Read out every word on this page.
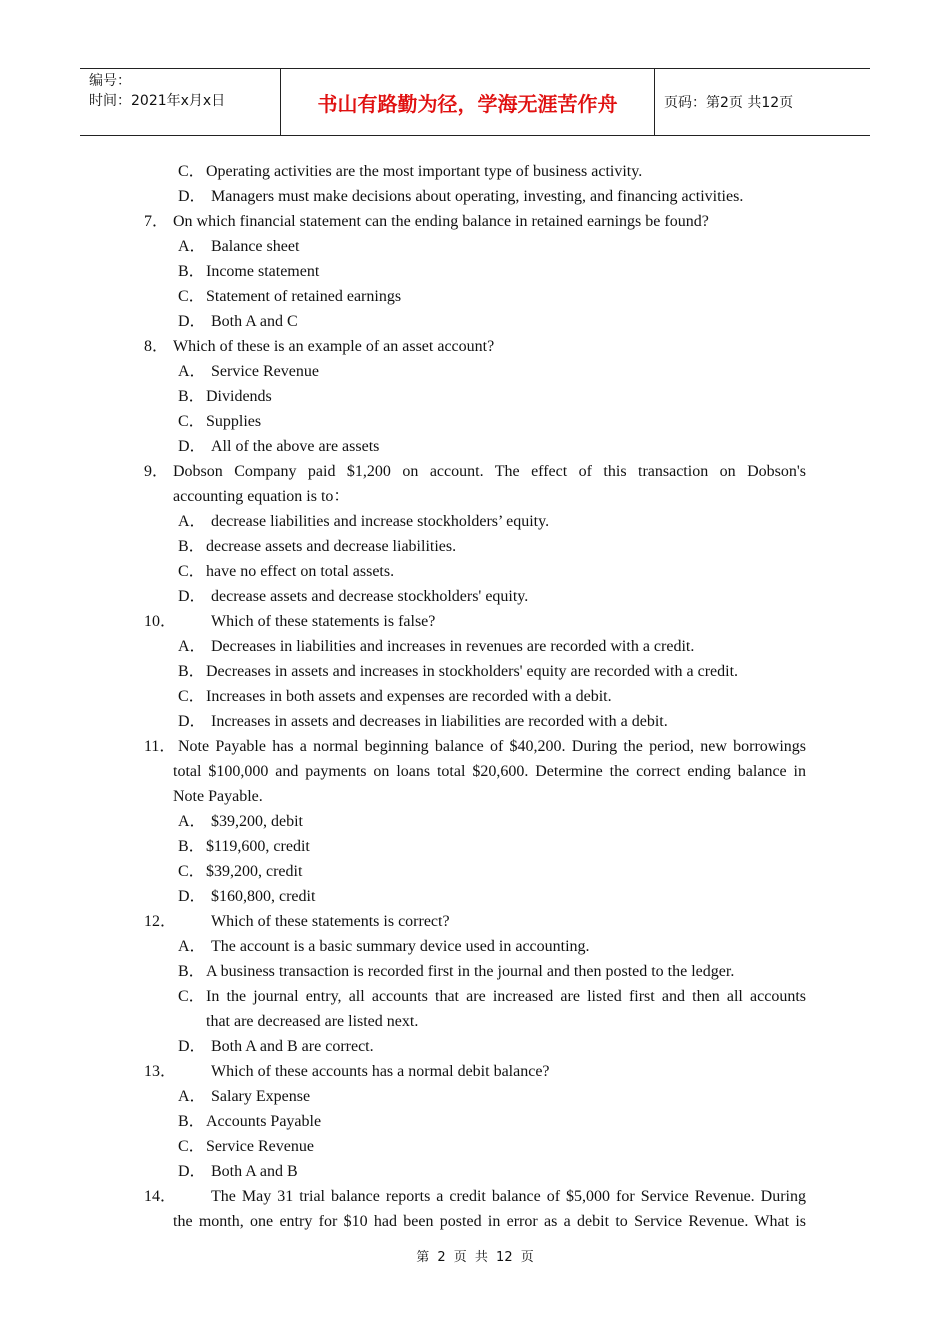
编号：
时间：2021年x月x日	书山有路勤为径，学海无涯苦作舟	页码：第2页 共12页
C． Operating activities are the most important type of business activity.
D． Managers must make decisions about operating, investing, and financing activities.
7． On which financial statement can the ending balance in retained earnings be found?
A． Balance sheet
B． Income statement
C． Statement of retained earnings
D． Both A and C
8． Which of these is an example of an asset account?
A． Service Revenue
B． Dividends
C． Supplies
D． All of the above are assets
9． Dobson Company paid $1,200 on account. The effect of this transaction on Dobson's
accounting equation is to：
A． decrease liabilities and increase stockholders’ equity.
B． decrease assets and decrease liabilities.
C． have no effect on total assets.
D． decrease assets and decrease stockholders' equity.
10． Which of these statements is false?
A． Decreases in liabilities and increases in revenues are recorded with a credit.
B． Decreases in assets and increases in stockholders' equity are recorded with a credit.
C． Increases in both assets and expenses are recorded with a debit.
D． Increases in assets and decreases in liabilities are recorded with a debit.
11． Note Payable has a normal beginning balance of $40,200. During the period, new borrowings
total $100,000 and payments on loans total $20,600. Determine the correct ending balance in
Note Payable.
A． $39,200, debit
B． $119,600, credit
C． $39,200, credit
D． $160,800, credit
12． Which of these statements is correct?
A． The account is a basic summary device used in accounting.
B． A business transaction is recorded first in the journal and then posted to the ledger.
C． In the journal entry, all accounts that are increased are listed first and then all accounts
that are decreased are listed next.
D． Both A and B are correct.
13． Which of these accounts has a normal debit balance?
A． Salary Expense
B． Accounts Payable
C． Service Revenue
D． Both A and B
14． The May 31 trial balance reports a credit balance of $5,000 for Service Revenue. During
the month, one entry for $10 had been posted in error as a debit to Service Revenue. What is
第 2 页 共 12 页
